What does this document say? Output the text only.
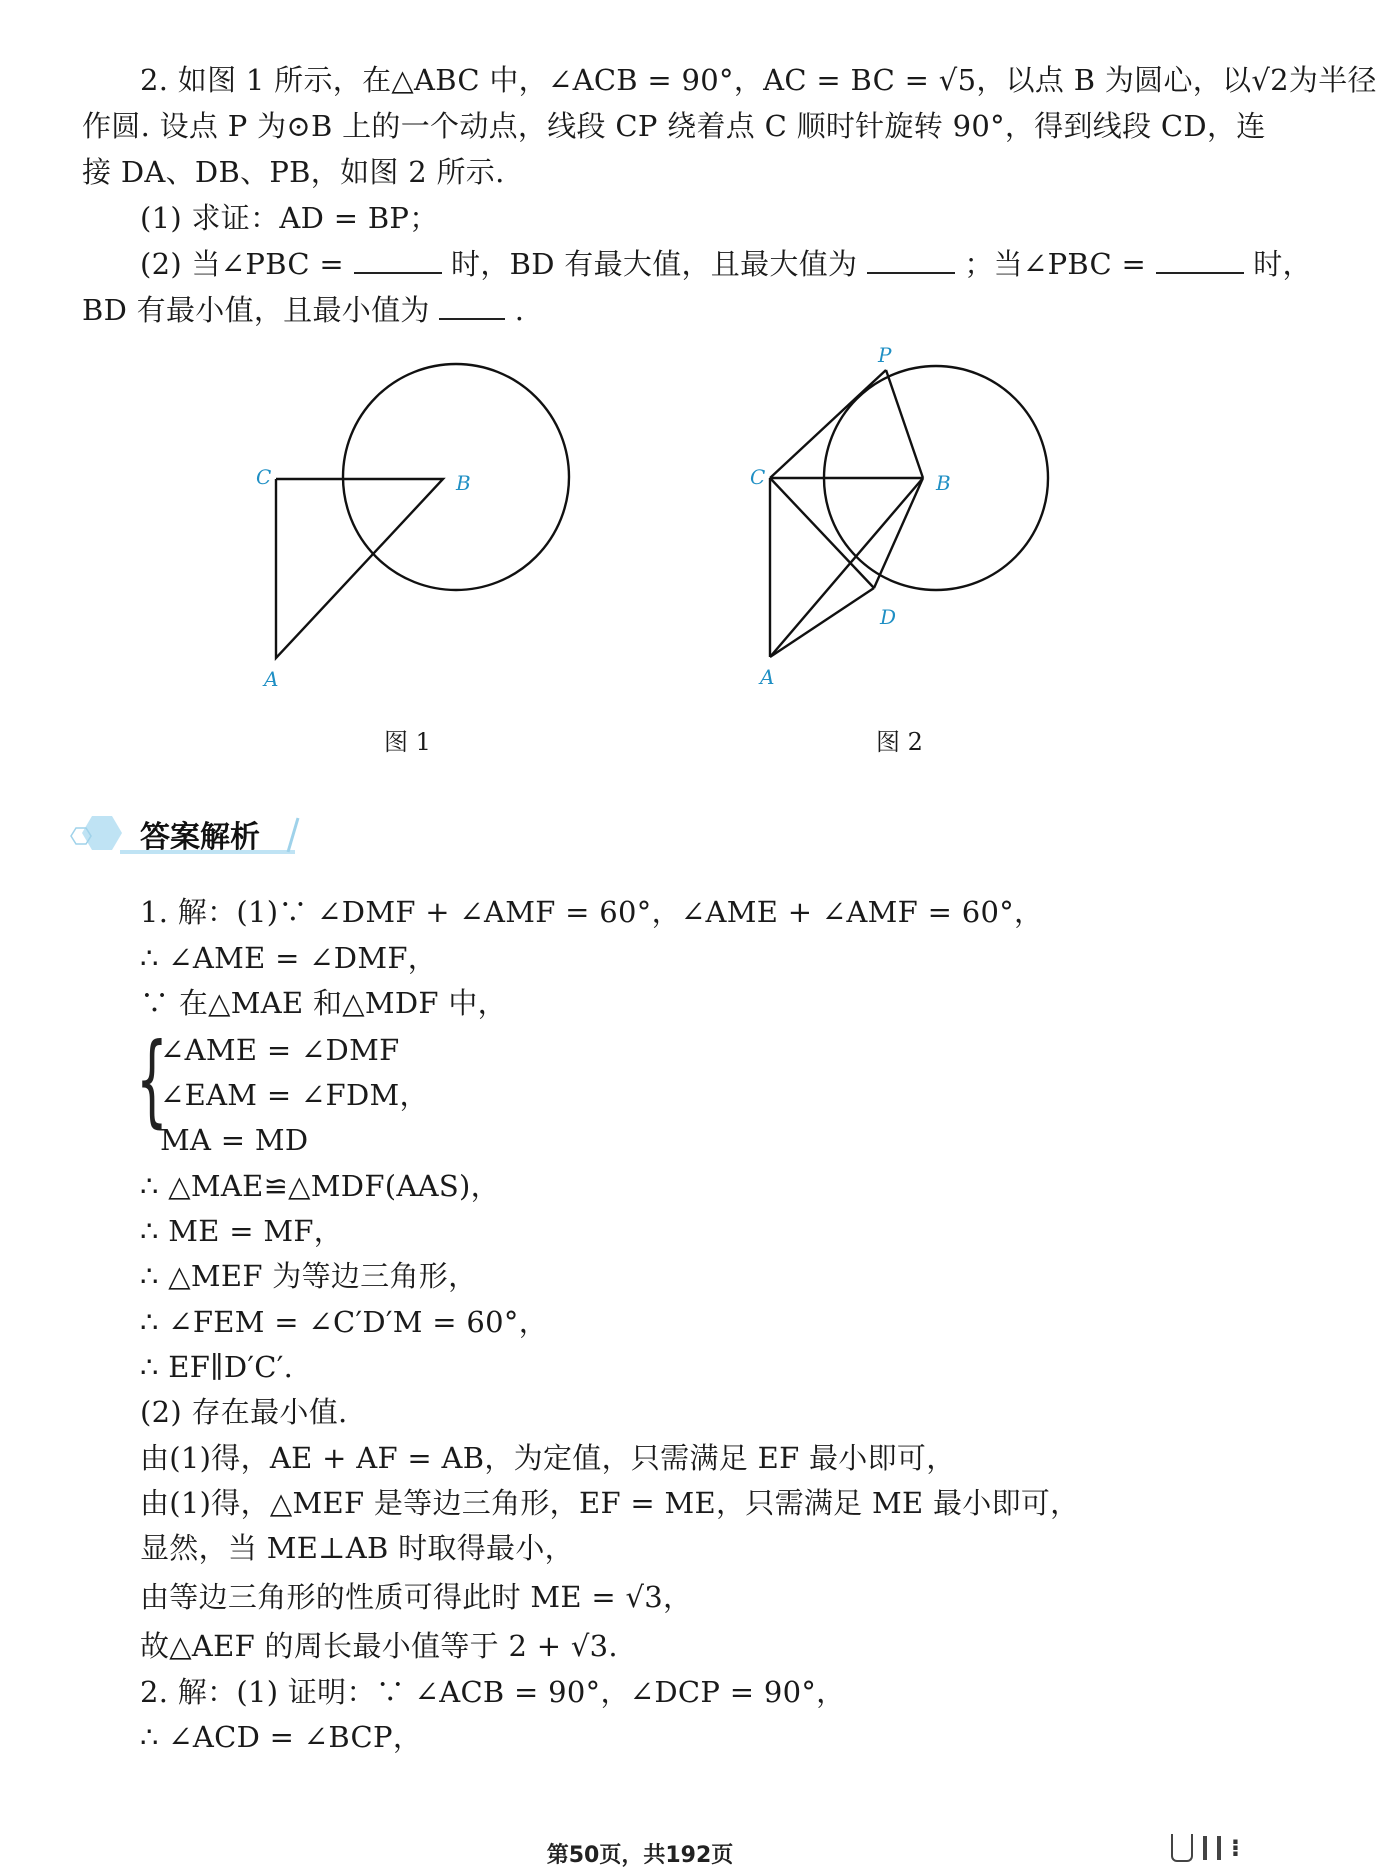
2. 如图 1 所示，在△ABC 中，∠ACB = 90°，AC = BC = √5，以点 B 为圆心，以√2为半径
作圆. 设点 P 为⊙B 上的一个动点，线段 CP 绕着点 C 顺时针旋转 90°，得到线段 CD，连
接 DA、DB、PB，如图 2 所示.
(1) 求证：AD = BP；
(2) 当∠PBC =	时，BD 有最大值，且最大值为	；当∠PBC =	时，
BD 有最小值，且最小值为	.
C	B
A
图 1
P
C	B
D
A
图 2
答案解析
1. 解：(1)∵ ∠DMF + ∠AMF = 60°，∠AME + ∠AMF = 60°，
∴ ∠AME = ∠DMF，
∵ 在△MAE 和△MDF 中，
{
∠AME = ∠DMF
∠EAM = ∠FDM，
MA = MD
∴ △MAE≌△MDF(AAS)，
∴ ME = MF，
∴ △MEF 为等边三角形，
∴ ∠FEM = ∠C′D′M = 60°，
∴ EF∥D′C′.
(2) 存在最小值.
由(1)得，AE + AF = AB，为定值，只需满足 EF 最小即可，
由(1)得，△MEF 是等边三角形，EF = ME，只需满足 ME 最小即可，
显然，当 ME⊥AB 时取得最小，
由等边三角形的性质可得此时 ME = √3，
故△AEF 的周长最小值等于 2 + √3.
2. 解：(1) 证明：∵ ∠ACB = 90°，∠DCP = 90°，
∴ ∠ACD = ∠BCP，
第50页，共192页	⁝
